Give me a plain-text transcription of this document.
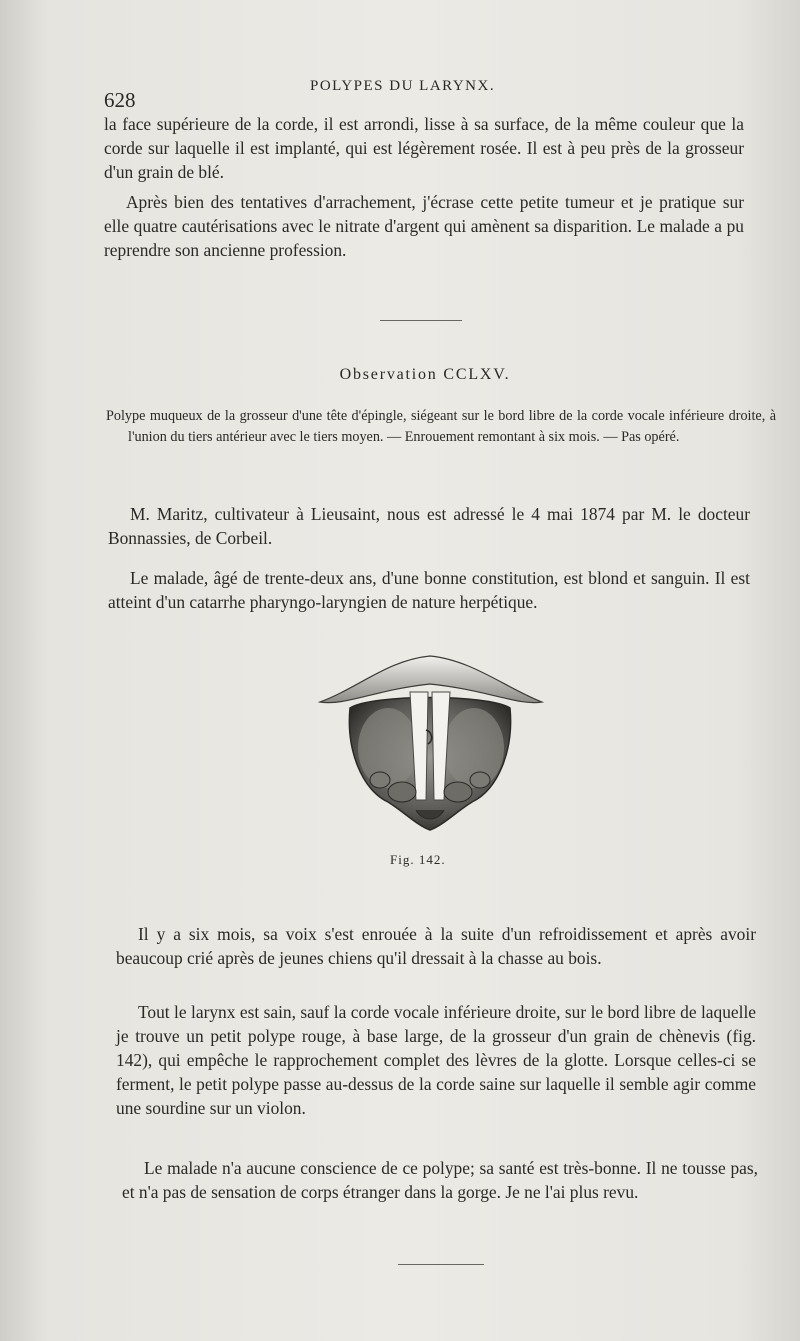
628
POLYPES DU LARYNX.

la face supérieure de la corde, il est arrondi, lisse à sa surface, de la même couleur que la corde sur laquelle il est implanté, qui est légèrement rosée. Il est à peu près de la grosseur d'un grain de blé.

Après bien des tentatives d'arrachement, j'écrase cette petite tumeur et je pratique sur elle quatre cautérisations avec le nitrate d'argent qui amènent sa disparition. Le malade a pu reprendre son ancienne profession.

Observation CCLXV.

Polype muqueux de la grosseur d'une tête d'épingle, siégeant sur le bord libre de la corde vocale inférieure droite, à l'union du tiers antérieur avec le tiers moyen. — Enrouement remontant à six mois. — Pas opéré.

M. Maritz, cultivateur à Lieusaint, nous est adressé le 4 mai 1874 par M. le docteur Bonnassies, de Corbeil.

Le malade, âgé de trente-deux ans, d'une bonne constitution, est blond et sanguin. Il est atteint d'un catarrhe pharyngo-laryngien de nature herpétique.

Fig. 142.

Il y a six mois, sa voix s'est enrouée à la suite d'un refroidissement et après avoir beaucoup crié après de jeunes chiens qu'il dressait à la chasse au bois.

Tout le larynx est sain, sauf la corde vocale inférieure droite, sur le bord libre de laquelle je trouve un petit polype rouge, à base large, de la grosseur d'un grain de chènevis (fig. 142), qui empêche le rapprochement complet des lèvres de la glotte. Lorsque celles-ci se ferment, le petit polype passe au-dessus de la corde saine sur laquelle il semble agir comme une sourdine sur un violon.

Le malade n'a aucune conscience de ce polype; sa santé est très-bonne. Il ne tousse pas, et n'a pas de sensation de corps étranger dans la gorge. Je ne l'ai plus revu.
